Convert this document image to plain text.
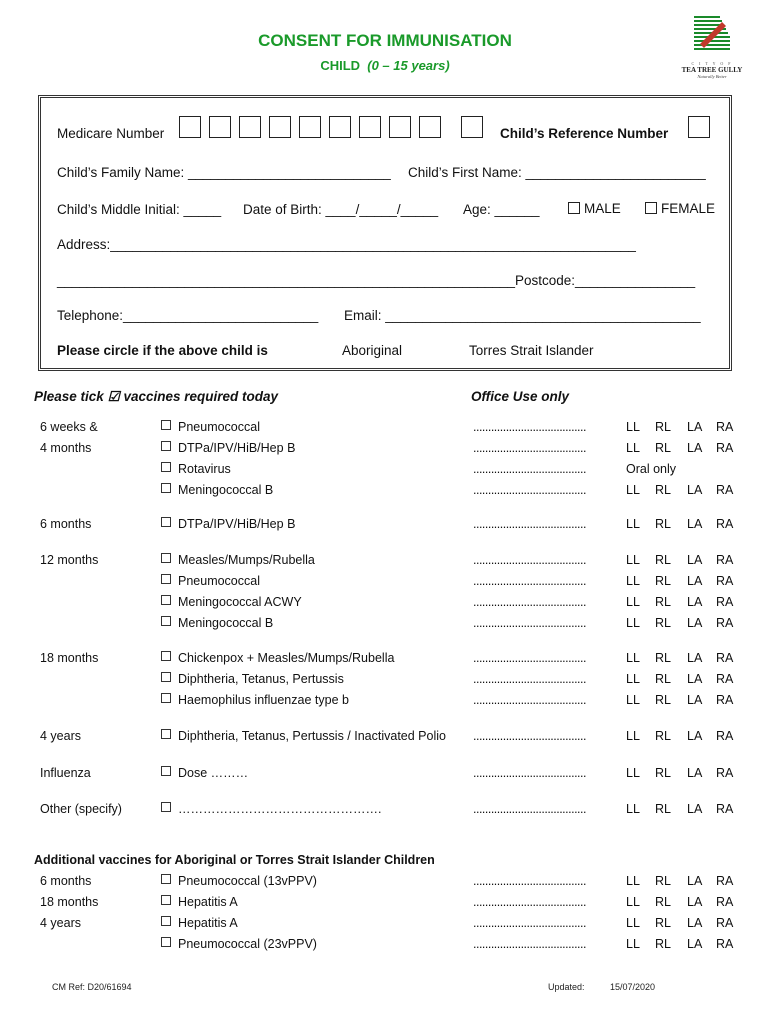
CONSENT FOR IMMUNISATION
CHILD (0 – 15 years)	C I T Y O F
TEA TREE GULLY
Naturally Better
Medicare Number	Child’s Reference Number
Child’s Family Name: ___________________________ Child’s First Name: ________________________
Child’s Middle Initial: _____ Date of Birth: ____/_____/_____ Age: ______	MALE	FEMALE
Address:______________________________________________________________________
_____________________________________________________________Postcode:________________
Telephone:__________________________ Email: __________________________________________
Please circle if the above child is	Aboriginal	Torres Strait Islander
Please tick ☑ vaccines required today	Office Use only
6 weeks &	Pneumococcal	......................................	LL RL LA RA
4 months	DTPa/IPV/HiB/Hep B	......................................	LL RL LA RA
Rotavirus	......................................	Oral only
Meningococcal B	......................................	LL RL LA RA
6 months	DTPa/IPV/HiB/Hep B	......................................	LL RL LA RA
12 months	Measles/Mumps/Rubella	......................................	LL RL LA RA
Pneumococcal	......................................	LL RL LA RA
Meningococcal ACWY	......................................	LL RL LA RA
Meningococcal B	......................................	LL RL LA RA
18 months	Chickenpox + Measles/Mumps/Rubella	......................................	LL RL LA RA
Diphtheria, Tetanus, Pertussis	......................................	LL RL LA RA
Haemophilus influenzae type b	......................................	LL RL LA RA
4 years	Diphtheria, Tetanus, Pertussis / Inactivated Polio ......................................	LL RL LA RA
Influenza	Dose ………	......................................	LL RL LA RA
Other (specify)	………………………………………….	......................................	LL RL LA RA
Additional vaccines for Aboriginal or Torres Strait Islander Children
6 months	Pneumococcal (13vPPV)	......................................	LL RL LA RA
18 months	Hepatitis A	......................................	LL RL LA RA
4 years	Hepatitis A	......................................	LL RL LA RA
Pneumococcal (23vPPV)	......................................	LL RL LA RA
CM Ref: D20/61694	Updated:	15/07/2020
